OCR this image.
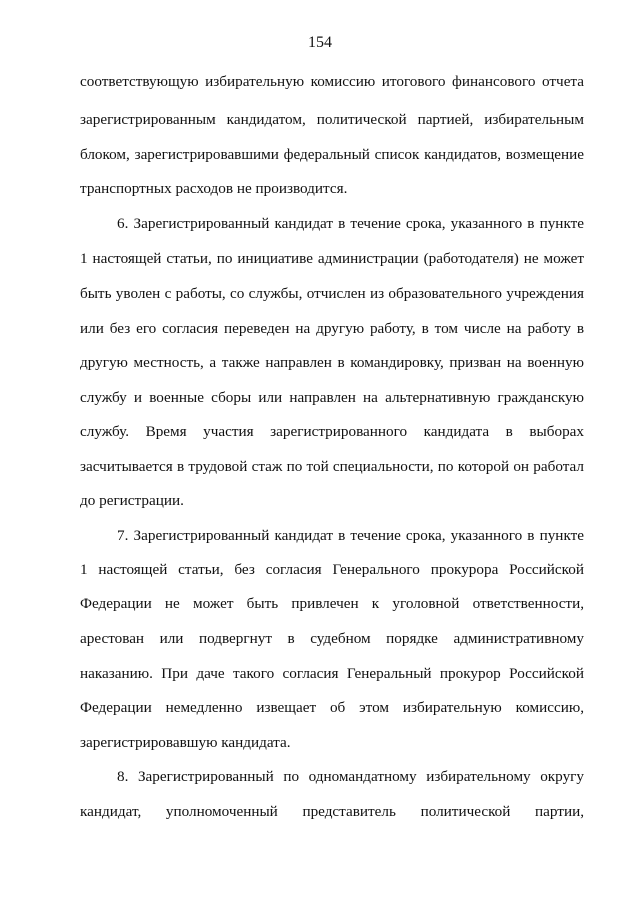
154
соответствующую избирательную комиссию итогового финансового отчета
зарегистрированным кандидатом, политической партией, избирательным
блоком, зарегистрировавшими федеральный список кандидатов, возмещение
транспортных расходов не производится.
6. Зарегистрированный кандидат в течение срока, указанного в пункте
1 настоящей статьи, по инициативе администрации (работодателя) не может
быть уволен с работы, со службы, отчислен из образовательного учреждения
или без его согласия переведен на другую работу, в том числе на работу в
другую местность, а также направлен в командировку, призван на военную
службу и военные сборы или направлен на альтернативную гражданскую
службу. Время участия зарегистрированного кандидата в выборах
засчитывается в трудовой стаж по той специальности, по которой он работал
до регистрации.
7. Зарегистрированный кандидат в течение срока, указанного в пункте
1 настоящей статьи, без согласия Генерального прокурора Российской
Федерации не может быть привлечен к уголовной ответственности,
арестован или подвергнут в судебном порядке административному
наказанию. При даче такого согласия Генеральный прокурор Российской
Федерации немедленно извещает об этом избирательную комиссию,
зарегистрировавшую кандидата.
8. Зарегистрированный по одномандатному избирательному округу
кандидат, уполномоченный представитель политической партии,
